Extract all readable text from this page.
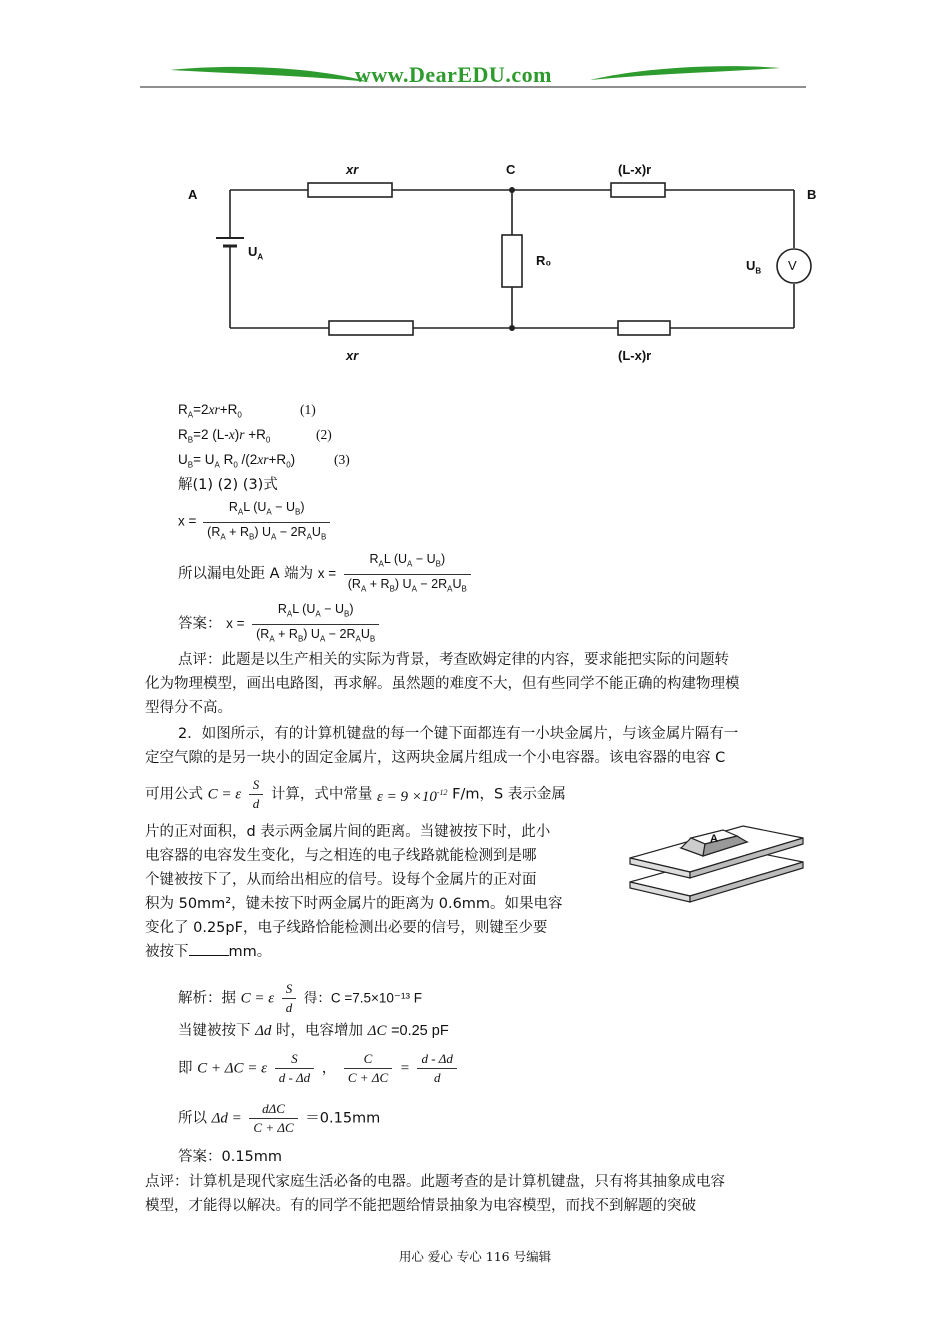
www.DearEDU.com
A	B
C
xr	(L-x)r
xr	(L-x)r
R₀
$U_A$
$U_B$ V
$R_A=2xr+R_0$	(1)
$R_B=2$ $(L-x)r +R_0$	(2)
$U_B= U_A$ $R_0$ $/(2xr+R_0)$	(3)
解(1) (2) (3)式
$x = \frac{R_AL (U_A - U_B)}{(R_A + R_B) U_A - 2R_AU_B}$
所以漏电处距 A 端为 $x = \frac{R_AL (U_A - U_B)}{(R_A + R_B) U_A - 2R_AU_B}$
答案： $x = \frac{R_AL (U_A - U_B)}{(R_A + R_B) U_A - 2R_AU_B}$
点评：此题是以生产相关的实际为背景，考查欧姆定律的内容，要求能把实际的问题转
化为物理模型，画出电路图，再求解。虽然题的难度不大，但有些同学不能正确的构建物理模
型得分不高。
2．如图所示，有的计算机键盘的每一个键下面都连有一小块金属片，与该金属片隔有一
定空气隙的是另一块小的固定金属片，这两块金属片组成一个小电容器。该电容器的电容 C
可用公式 C = ε $\frac{S}{d}$ 计算，式中常量 $\varepsilon = 9 \times 10^{-12}$ F/m，S 表示金属
片的正对面积，d 表示两金属片间的距离。当键被按下时，此小
电容器的电容发生变化，与之相连的电子线路就能检测到是哪
个键被按下了，从而给出相应的信号。设每个金属片的正对面
积为 50mm²，键未按下时两金属片的距离为 0.6mm。如果电容
变化了 0.25pF，电子线路恰能检测出必要的信号，则键至少要
被按下	mm。
A
解析：据 C = ε $\frac{S}{d}$ 得：C =7.5×10⁻¹³ F
当键被按下 Δd 时，电容增加 ΔC =0.25 pF
即 C + ΔC = ε $\frac{S}{d - \Delta d}$ ， $\frac{C}{C + \Delta C} = \frac{d - \Delta d}{d}$
所以 $\Delta d = \frac{\text{dΔC}}{C + \Delta C} =0.15mm$
答案：0.15mm
点评：计算机是现代家庭生活必备的电器。此题考查的是计算机键盘，只有将其抽象成电容
模型，才能得以解决。有的同学不能把题给情景抽象为电容模型，而找不到解题的突破
用心 爱心 专心 116 号编辑
